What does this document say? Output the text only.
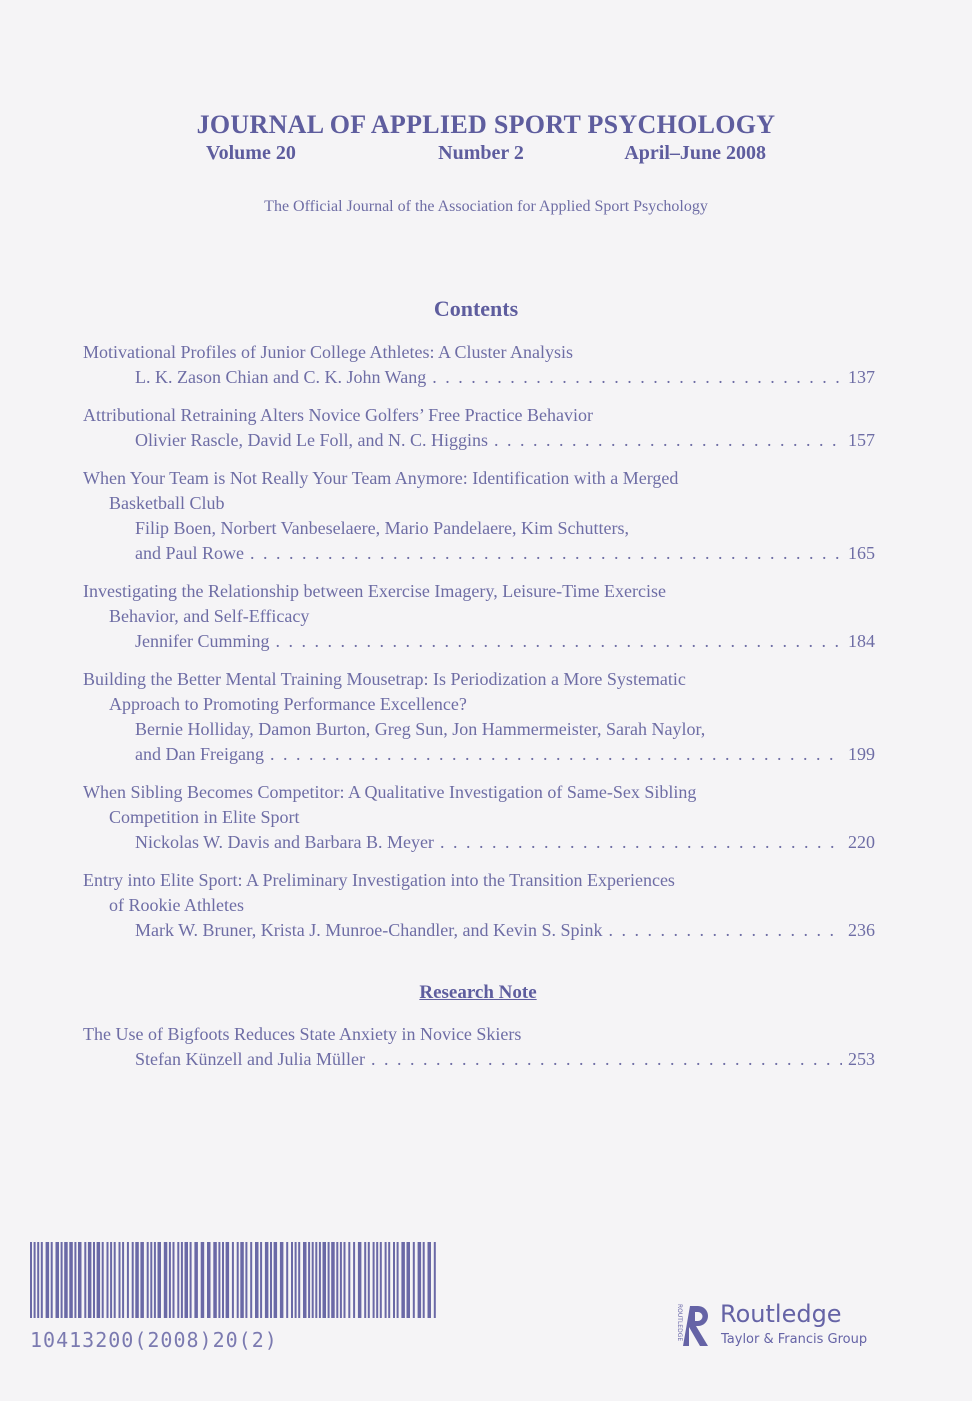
JOURNAL OF APPLIED SPORT PSYCHOLOGY
Volume 20	Number 2	April–June 2008
The Official Journal of the Association for Applied Sport Psychology
Contents
Motivational Profiles of Junior College Athletes: A Cluster Analysis
L. K. Zason Chian and C. K. John Wang . . .	137
Attributional Retraining Alters Novice Golfers’ Free Practice Behavior
Olivier Rascle, David Le Foll, and N. C. Higgins . . .	157
When Your Team is Not Really Your Team Anymore: Identification with a Merged
Basketball Club
Filip Boen, Norbert Vanbeselaere, Mario Pandelaere, Kim Schutters,
and Paul Rowe . . .	165
Investigating the Relationship between Exercise Imagery, Leisure-Time Exercise
Behavior, and Self-Efficacy
Jennifer Cumming . . .	184
Building the Better Mental Training Mousetrap: Is Periodization a More Systematic
Approach to Promoting Performance Excellence?
Bernie Holliday, Damon Burton, Greg Sun, Jon Hammermeister, Sarah Naylor,
and Dan Freigang . . .	199
When Sibling Becomes Competitor: A Qualitative Investigation of Same-Sex Sibling
Competition in Elite Sport
Nickolas W. Davis and Barbara B. Meyer . . .	220
Entry into Elite Sport: A Preliminary Investigation into the Transition Experiences
of Rookie Athletes
Mark W. Bruner, Krista J. Munroe-Chandler, and Kevin S. Spink . . .	236
Research Note
The Use of Bigfoots Reduces State Anxiety in Novice Skiers
Stefan Künzell and Julia Müller . . .	253
10413200(2008)20(2)	ROUTLEDGE Routledge
Taylor & Francis Group
